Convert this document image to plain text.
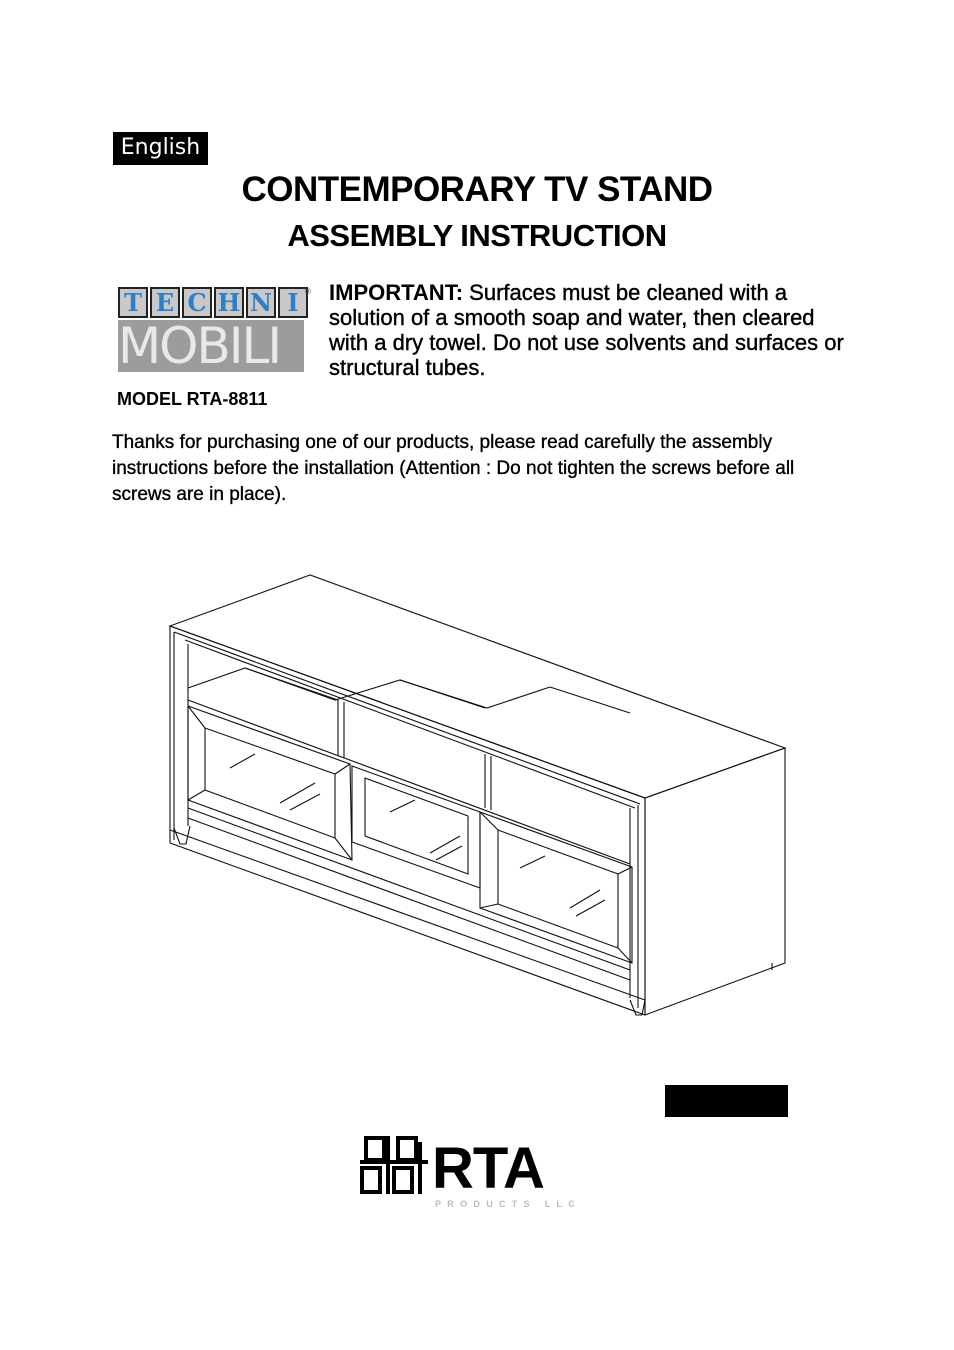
English
CONTEMPORARY TV STAND
ASSEMBLY INSTRUCTION
T E C H N I
MOBILI
® IMPORTANT: Surfaces must be cleaned with a solution of a smooth soap and water, then cleared with a dry towel. Do not use solvents and surfaces or structural tubes.
MODEL RTA-8811
Thanks for purchasing one of our products, please read carefully the assembly instructions before the installation (Attention : Do not tighten the screws before all screws are in place).
RTA
PRODUCTS LLC
